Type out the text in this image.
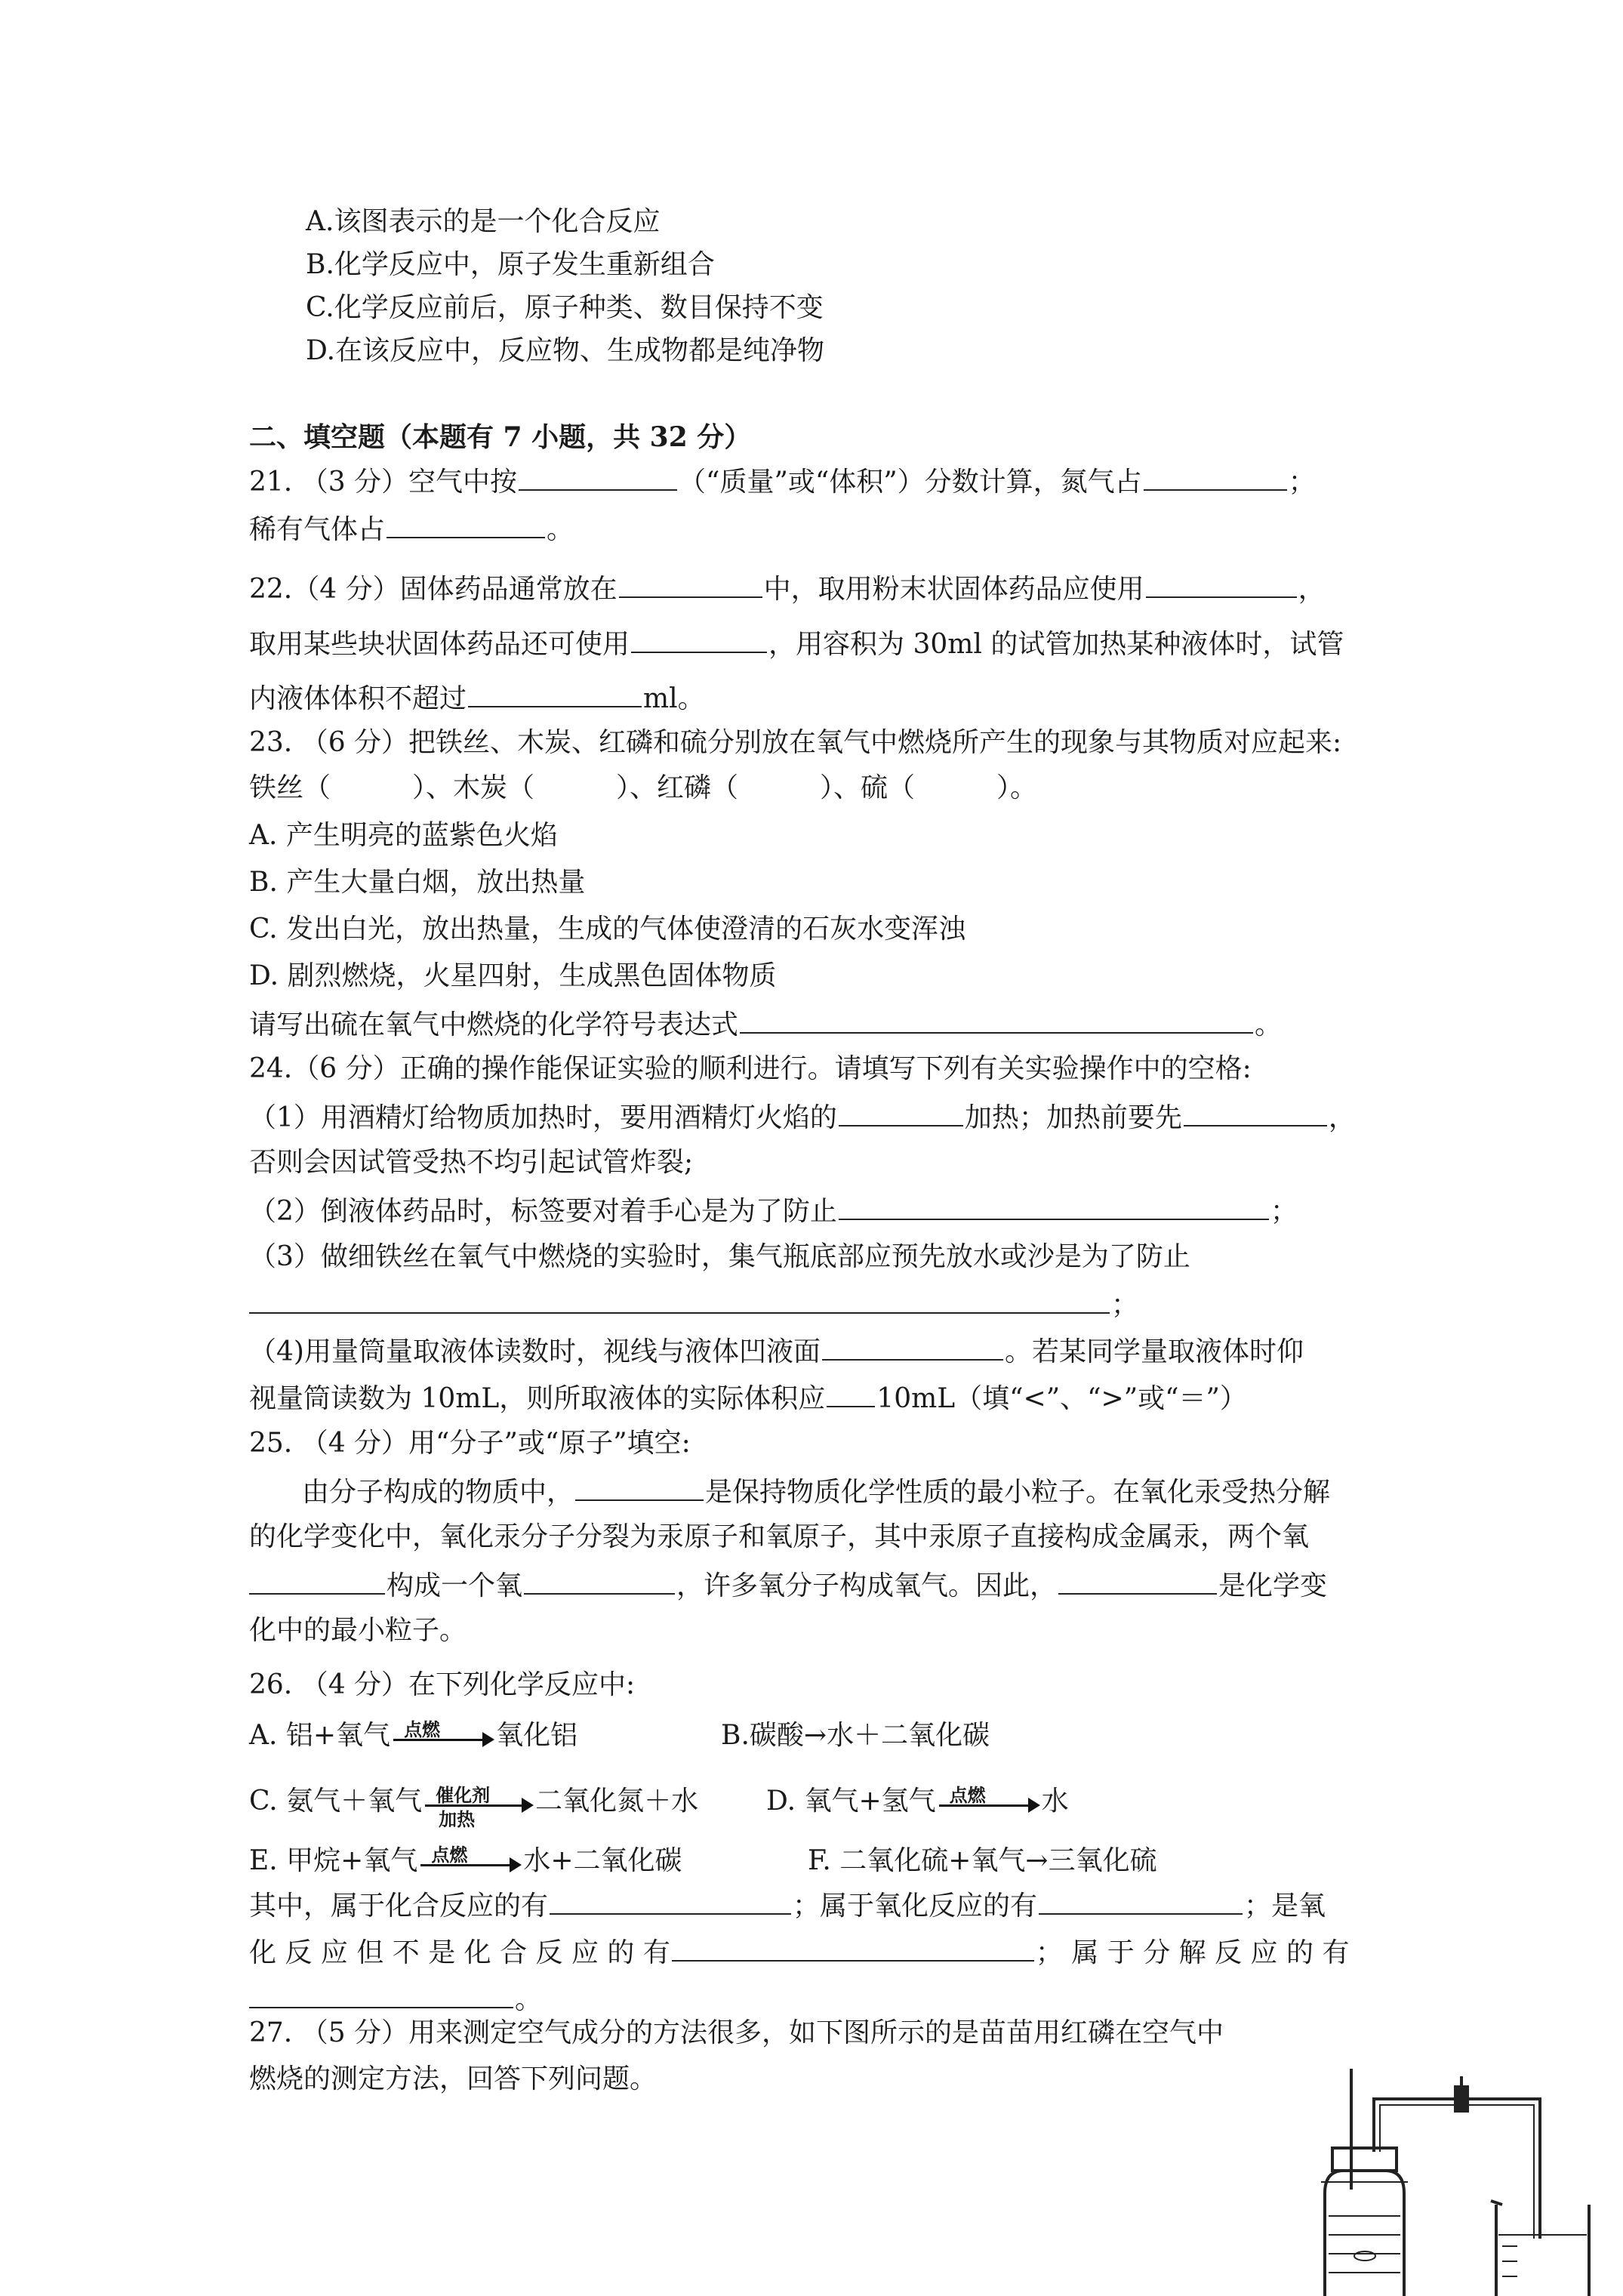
A.该图表示的是一个化合反应
B.化学反应中，原子发生重新组合
C.化学反应前后，原子种类、数目保持不变
D.在该反应中，反应物、生成物都是纯净物
二、填空题（本题有 7 小题，共 32 分）
21. （3 分）空气中按	（“质量”或“体积”）分数计算，氮气占	；
稀有气体占	。
22.（4 分）固体药品通常放在	中，取用粉末状固体药品应使用	，
取用某些块状固体药品还可使用	，用容积为 30ml 的试管加热某种液体时，试管
内液体体积不超过	ml。
23. （6 分）把铁丝、木炭、红磷和硫分别放在氧气中燃烧所产生的现象与其物质对应起来:
铁丝（　　　）、木炭（　　　）、红磷（　　　）、硫（　　　）。
A. 产生明亮的蓝紫色火焰
B. 产生大量白烟，放出热量
C. 发出白光，放出热量，生成的气体使澄清的石灰水变浑浊
D. 剧烈燃烧，火星四射，生成黑色固体物质
请写出硫在氧气中燃烧的化学符号表达式	。
24.（6 分）正确的操作能保证实验的顺利进行。请填写下列有关实验操作中的空格:
（1）用酒精灯给物质加热时，要用酒精灯火焰的	加热；加热前要先	，
否则会因试管受热不均引起试管炸裂;
（2）倒液体药品时，标签要对着手心是为了防止	；
（3）做细铁丝在氧气中燃烧的实验时，集气瓶底部应预先放水或沙是为了防止
；
（4)用量筒量取液体读数时，视线与液体凹液面	。若某同学量取液体时仰
视量筒读数为 10mL，则所取液体的实际体积应 10mL（填“<”、“>”或“＝”）
25. （4 分）用“分子”或“原子”填空:
由分子构成的物质中，	是保持物质化学性质的最小粒子。在氧化汞受热分解
的化学变化中，氧化汞分子分裂为汞原子和氧原子，其中汞原子直接构成金属汞，两个氧
构成一个氧	，许多氧分子构成氧气。因此，	是化学变
化中的最小粒子。
26. （4 分）在下列化学反应中:
A. 铝+氧气 点燃 氧化铝	B.碳酸→水＋二氧化碳
C. 氨气＋氧气 催化剂
加热
二氧化氮＋水 D. 氧气+氢气 点燃 水
E. 甲烷+氧气 点燃 水+二氧化碳	F. 二氧化硫+氧气→三氧化硫
其中，属于化合反应的有	；属于氧化反应的有	；是氧
化 反 应 但 不 是 化 合 反 应 的 有	； 属 于 分 解 反 应 的 有
。
27. （5 分）用来测定空气成分的方法很多，如下图所示的是苗苗用红磷在空气中
燃烧的测定方法，回答下列问题。
